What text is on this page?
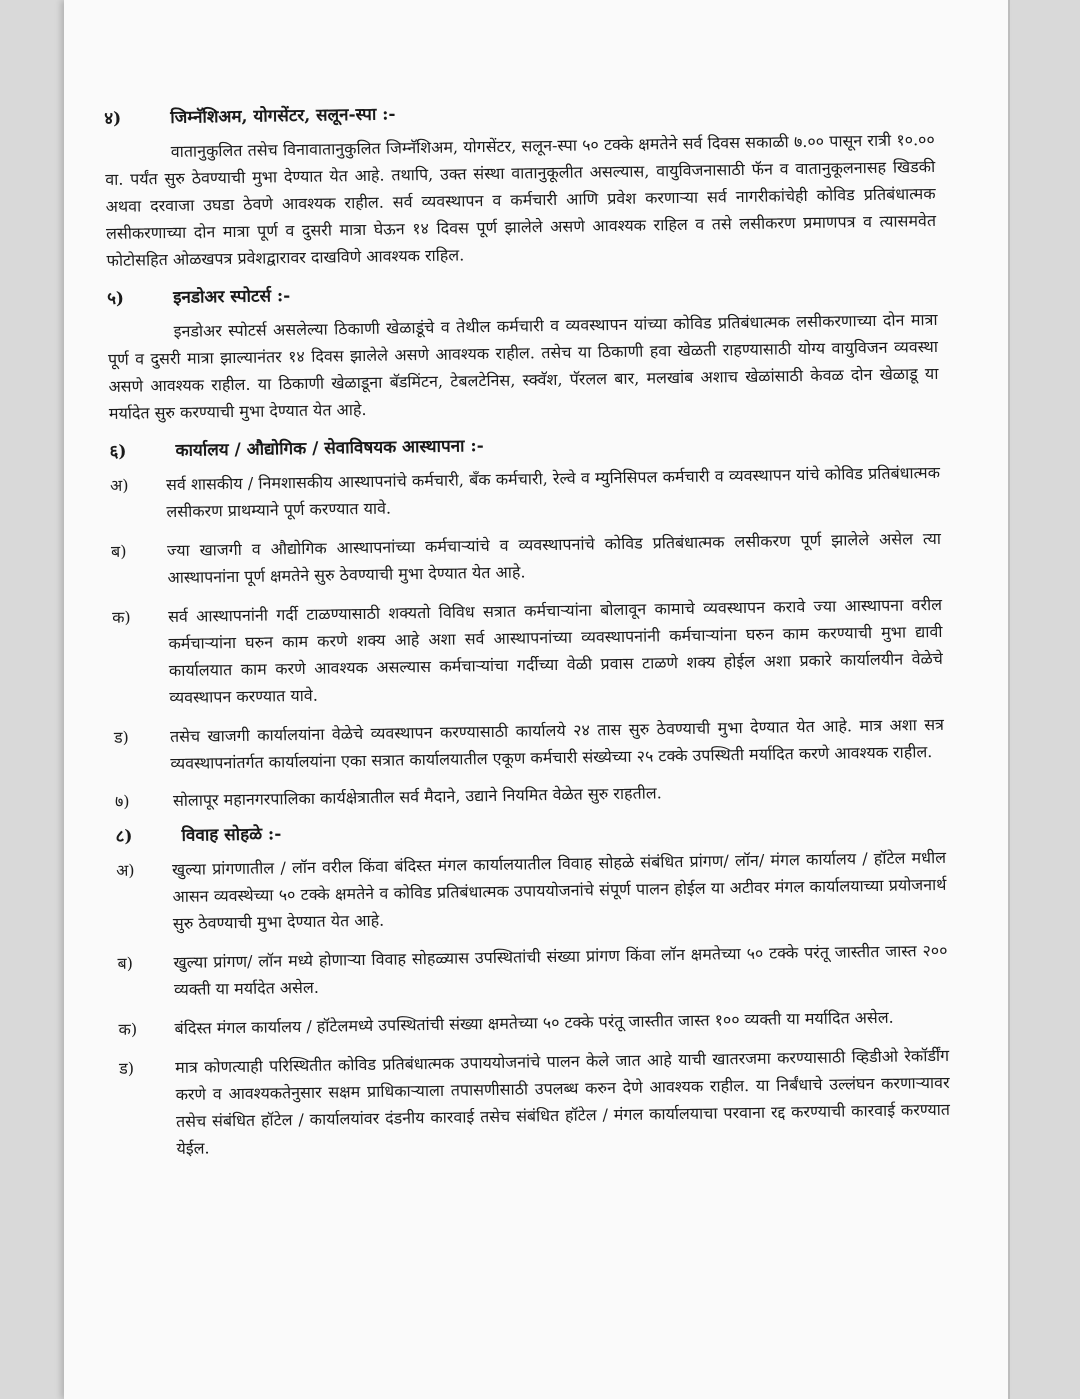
४)	जिम्नॅशिअम, योगसेंटर, सलून-स्पा :-

वातानुकुलित तसेच विनावातानुकुलित जिम्नॅशिअम, योगसेंटर, सलून-स्पा ५० टक्के क्षमतेने सर्व दिवस सकाळी ७.०० पासून रात्री १०.०० वा. पर्यंत सुरु ठेवण्याची मुभा देण्यात येत आहे. तथापि, उक्त संस्था वातानुकूलीत असल्यास, वायुविजनासाठी फॅन व वातानुकूलनासह खिडकी अथवा दरवाजा उघडा ठेवणे आवश्यक राहील. सर्व व्यवस्थापन व कर्मचारी आणि प्रवेश करणाऱ्या सर्व नागरीकांचेही कोविड प्रतिबंधात्मक लसीकरणाच्या दोन मात्रा पूर्ण व दुसरी मात्रा घेऊन १४ दिवस पूर्ण झालेले असणे आवश्यक राहिल व तसे लसीकरण प्रमाणपत्र व त्यासमवेत फोटोसहित ओळखपत्र प्रवेशद्वारावर दाखविणे आवश्यक राहिल.

५)	इनडोअर स्पोटर्स :-

इनडोअर स्पोटर्स असलेल्या ठिकाणी खेळाडूंचे व तेथील कर्मचारी व व्यवस्थापन यांच्या कोविड प्रतिबंधात्मक लसीकरणाच्या दोन मात्रा पूर्ण व दुसरी मात्रा झाल्यानंतर १४ दिवस झालेले असणे आवश्यक राहील. तसेच या ठिकाणी हवा खेळती राहण्यासाठी योग्य वायुविजन व्यवस्था असणे आवश्यक राहील. या ठिकाणी खेळाडूना बॅडमिंटन, टेबलटेनिस, स्क्वॅश, पॅरलल बार, मलखांब अशाच खेळांसाठी केवळ दोन खेळाडू या मर्यादेत सुरु करण्याची मुभा देण्यात येत आहे.

६)	कार्यालय / औद्योगिक / सेवाविषयक आस्थापना :-
अ)	सर्व शासकीय / निमशासकीय आस्थापनांचे कर्मचारी, बँक कर्मचारी, रेल्वे व म्युनिसिपल कर्मचारी व व्यवस्थापन यांचे कोविड प्रतिबंधात्मक लसीकरण प्राथम्याने पूर्ण करण्यात यावे.
ब)	ज्या खाजगी व औद्योगिक आस्थापनांच्या कर्मचाऱ्यांचे व व्यवस्थापनांचे कोविड प्रतिबंधात्मक लसीकरण पूर्ण झालेले असेल त्या आस्थापनांना पूर्ण क्षमतेने सुरु ठेवण्याची मुभा देण्यात येत आहे.
क)	सर्व आस्थापनांनी गर्दी टाळण्यासाठी शक्यतो विविध सत्रात कर्मचाऱ्यांना बोलावून कामाचे व्यवस्थापन करावे ज्या आस्थापना वरील कर्मचाऱ्यांना घरुन काम करणे शक्य आहे अशा सर्व आस्थापनांच्या व्यवस्थापनांनी कर्मचाऱ्यांना घरुन काम करण्याची मुभा द्यावी कार्यालयात काम करणे आवश्यक असल्यास कर्मचाऱ्यांचा गर्दीच्या वेळी प्रवास टाळणे शक्य होईल अशा प्रकारे कार्यालयीन वेळेचे व्यवस्थापन करण्यात यावे.
ड)	तसेच खाजगी कार्यालयांना वेळेचे व्यवस्थापन करण्यासाठी कार्यालये २४ तास सुरु ठेवण्याची मुभा देण्यात येत आहे. मात्र अशा सत्र व्यवस्थापनांतर्गत कार्यालयांना एका सत्रात कार्यालयातील एकूण कर्मचारी संख्येच्या २५ टक्के उपस्थिती मर्यादित करणे आवश्यक राहील.
७)	सोलापूर महानगरपालिका कार्यक्षेत्रातील सर्व मैदाने, उद्याने नियमित वेळेत सुरु राहतील.
८)	विवाह सोहळे :-
अ)	खुल्या प्रांगणातील / लॉन वरील किंवा बंदिस्त मंगल कार्यालयातील विवाह सोहळे संबंधित प्रांगण/ लॉन/ मंगल कार्यालय / हॉटेल मधील आसन व्यवस्थेच्या ५० टक्के क्षमतेने व कोविड प्रतिबंधात्मक उपाययोजनांचे संपूर्ण पालन होईल या अटीवर मंगल कार्यालयाच्या प्रयोजनार्थ सुरु ठेवण्याची मुभा देण्यात येत आहे.
ब)	खुल्या प्रांगण/ लॉन मध्ये होणाऱ्या विवाह सोहळ्यास उपस्थितांची संख्या प्रांगण किंवा लॉन क्षमतेच्या ५० टक्के परंतू जास्तीत जास्त २०० व्यक्ती या मर्यादेत असेल.
क)	बंदिस्त मंगल कार्यालय / हॉटेलमध्ये उपस्थितांची संख्या क्षमतेच्या ५० टक्के परंतू जास्तीत जास्त १०० व्यक्ती या मर्यादित असेल.
ड)	मात्र कोणत्याही परिस्थितीत कोविड प्रतिबंधात्मक उपाययोजनांचे पालन केले जात आहे याची खातरजमा करण्यासाठी व्हिडीओ रेकॉर्डींग करणे व आवश्यकतेनुसार सक्षम प्राधिकाऱ्याला तपासणीसाठी उपलब्ध करुन देणे आवश्यक राहील. या निर्बंधाचे उल्लंघन करणाऱ्यावर तसेच संबंधित हॉटेल / कार्यालयांवर दंडनीय कारवाई तसेच संबंधित हॉटेल / मंगल कार्यालयाचा परवाना रद्द करण्याची कारवाई करण्यात येईल.
